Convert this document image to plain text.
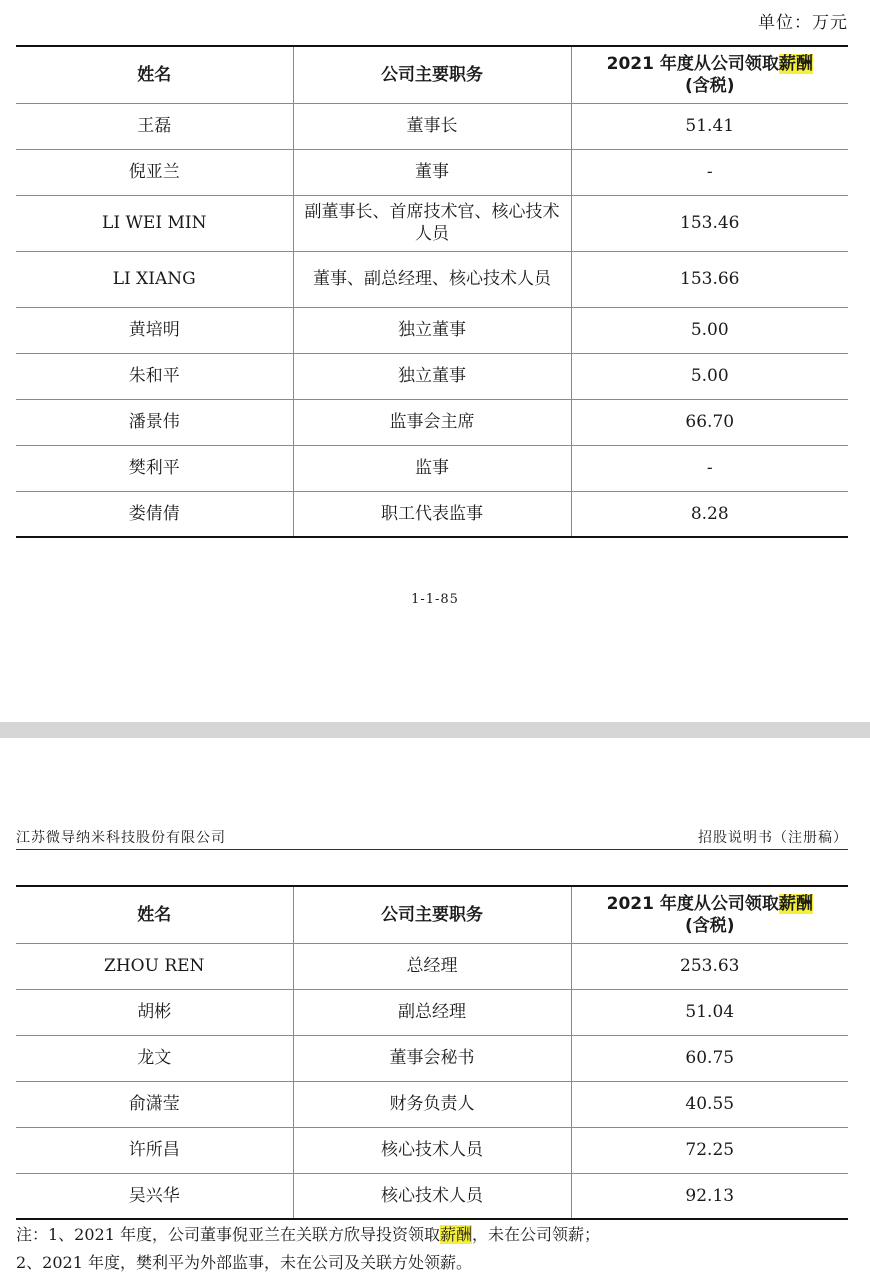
单位：万元
姓名	公司主要职务	2021 年度从公司领取薪酬
(含税)
王磊	董事长	51.41
倪亚兰	董事	-
LI WEI MIN	副董事长、首席技术官、核心技术人员	153.46
LI XIANG	董事、副总经理、核心技术人员	153.66
黄培明	独立董事	5.00
朱和平	独立董事	5.00
潘景伟	监事会主席	66.70
樊利平	监事	-
娄倩倩	职工代表监事	8.28
1-1-85
江苏微导纳米科技股份有限公司	招股说明书（注册稿）
姓名	公司主要职务	2021 年度从公司领取薪酬
(含税)
ZHOU REN	总经理	253.63
胡彬	副总经理	51.04
龙文	董事会秘书	60.75
俞潇莹	财务负责人	40.55
许所昌	核心技术人员	72.25
吴兴华	核心技术人员	92.13

注：1、2021 年度，公司董事倪亚兰在关联方欣导投资领取薪酬，未在公司领薪；

2、2021 年度，樊利平为外部监事，未在公司及关联方处领薪。
